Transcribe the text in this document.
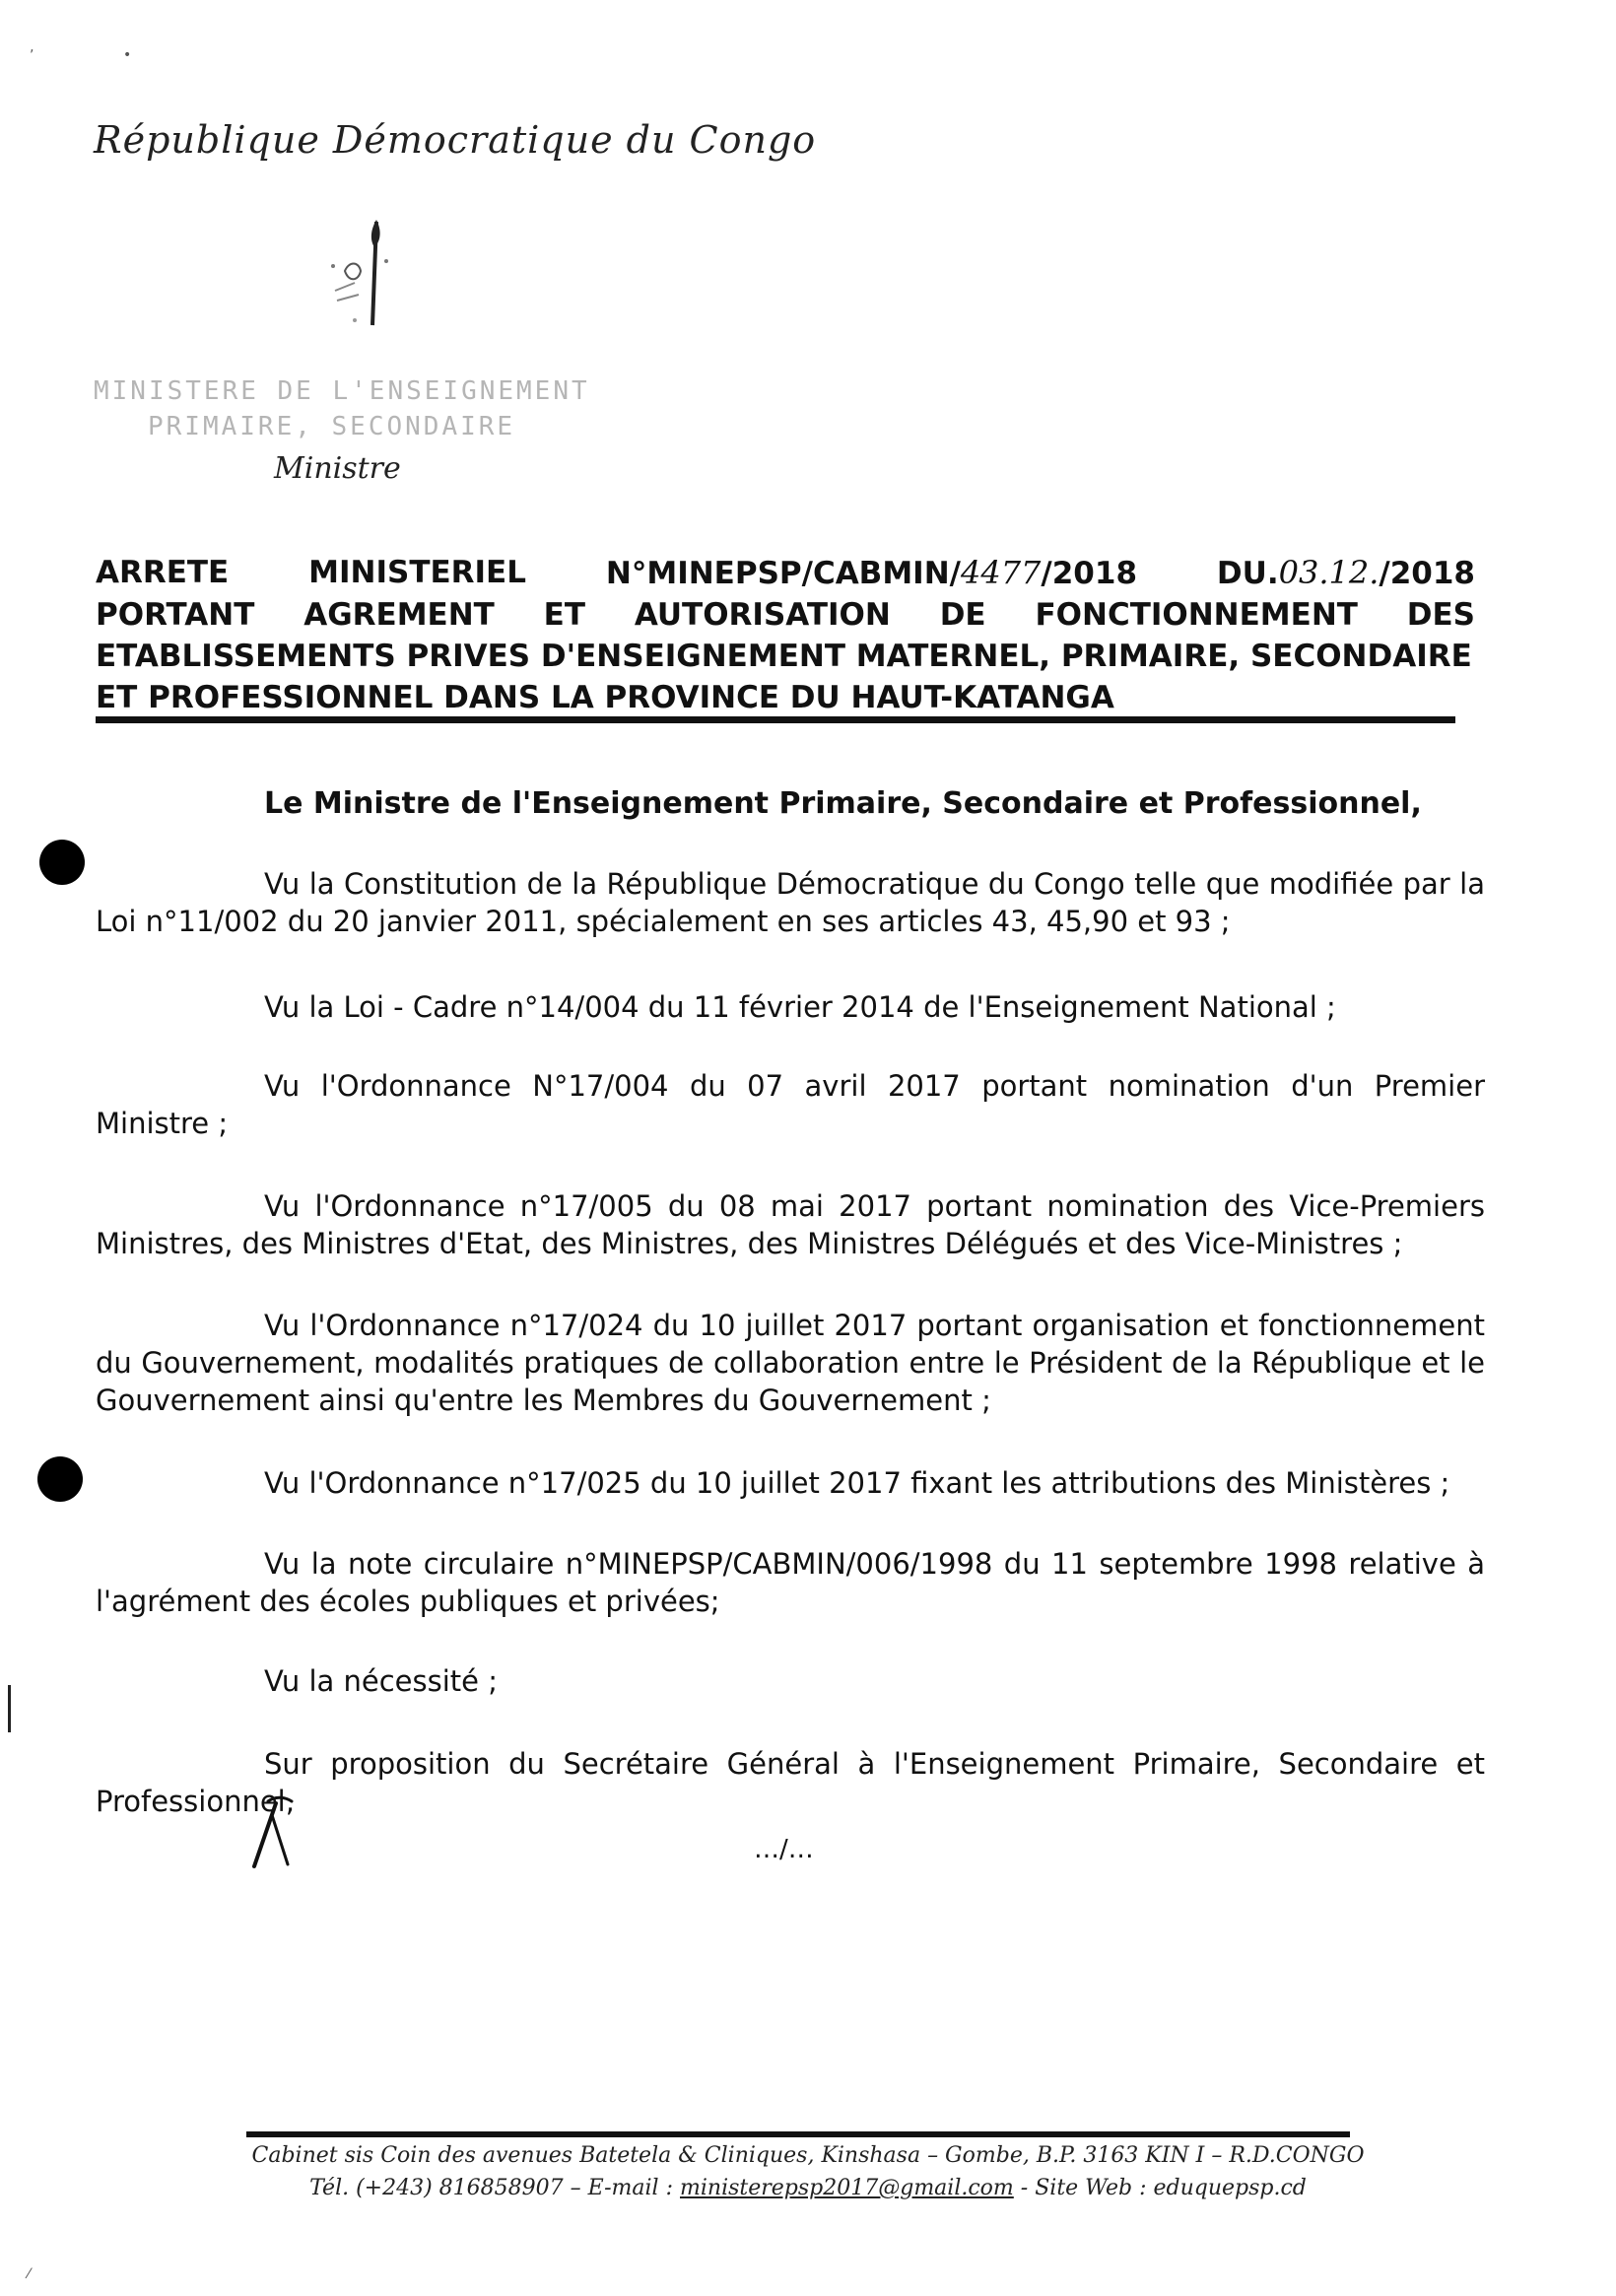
‚	•
République Démocratique du Congo
MINISTERE DE L'ENSEIGNEMENT
PRIMAIRE, SECONDAIRE
Ministre
ARRETE	MINISTERIEL	N°MINEPSP/CABMIN/4477/2018	DU.03.12./2018
PORTANT AGREMENT ET AUTORISATION DE FONCTIONNEMENT DES
ETABLISSEMENTS PRIVES D'ENSEIGNEMENT MATERNEL, PRIMAIRE, SECONDAIRE
ET PROFESSIONNEL DANS LA PROVINCE DU HAUT-KATANGA
Le Ministre de l'Enseignement Primaire, Secondaire et Professionnel,
Vu la Constitution de la République Démocratique du Congo telle que modifiée par la Loi n°11/002 du 20 janvier 2011, spécialement en ses articles 43, 45,90 et 93 ;
Vu la Loi - Cadre n°14/004 du 11 février 2014 de l'Enseignement National ;
Vu l'Ordonnance N°17/004 du 07 avril 2017 portant nomination d'un Premier Ministre ;
Vu l'Ordonnance n°17/005 du 08 mai 2017 portant nomination des Vice-Premiers Ministres, des Ministres d'Etat, des Ministres, des Ministres Délégués et des Vice-Ministres ;
Vu l'Ordonnance n°17/024 du 10 juillet 2017 portant organisation et fonctionnement du Gouvernement, modalités pratiques de collaboration entre le Président de la République et le Gouvernement ainsi qu'entre les Membres du Gouvernement ;
Vu l'Ordonnance n°17/025 du 10 juillet 2017 fixant les attributions des Ministères ;
Vu la note circulaire n°MINEPSP/CABMIN/006/1998 du 11 septembre 1998 relative à l'agrément des écoles publiques et privées;
Vu la nécessité ;
Sur proposition du Secrétaire Général à l'Enseignement Primaire, Secondaire et Professionnel,
…/…
Cabinet sis Coin des avenues Batetela & Cliniques, Kinshasa – Gombe, B.P. 3163 KIN I – R.D.CONGO
Tél. (+243) 816858907 – E-mail : ministerepsp2017@gmail.com - Site Web : eduquepsp.cd
⁄
